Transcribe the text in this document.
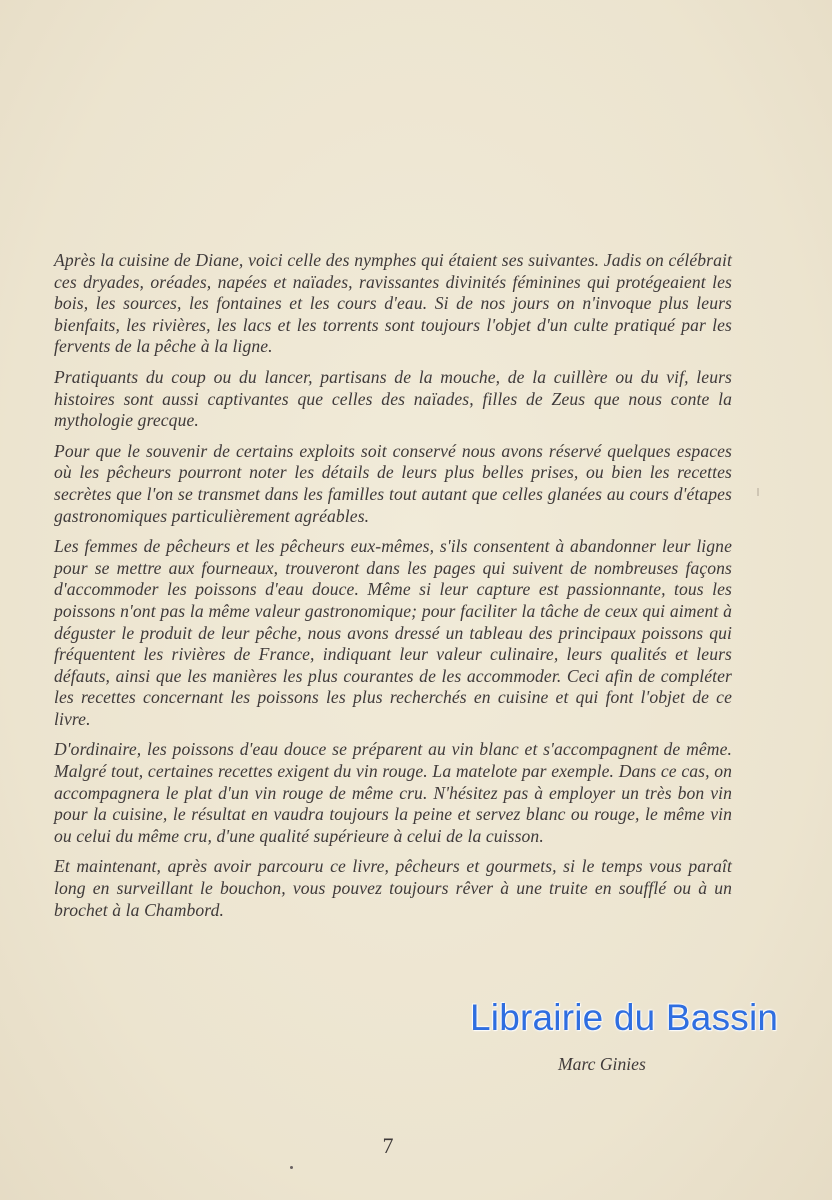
Après la cuisine de Diane, voici celle des nymphes qui étaient ses suivantes. Jadis on célébrait ces dryades, oréades, napées et naïades, ravissantes divinités féminines qui protégeaient les bois, les sources, les fontaines et les cours d'eau. Si de nos jours on n'invoque plus leurs bienfaits, les rivières, les lacs et les torrents sont toujours l'objet d'un culte pratiqué par les fervents de la pêche à la ligne.

Pratiquants du coup ou du lancer, partisans de la mouche, de la cuillère ou du vif, leurs histoires sont aussi captivantes que celles des naïades, filles de Zeus que nous conte la mythologie grecque.

Pour que le souvenir de certains exploits soit conservé nous avons réservé quelques espaces où les pêcheurs pourront noter les détails de leurs plus belles prises, ou bien les recettes secrètes que l'on se transmet dans les familles tout autant que celles glanées au cours d'étapes gastronomiques particulièrement agréables.

Les femmes de pêcheurs et les pêcheurs eux-mêmes, s'ils consentent à abandonner leur ligne pour se mettre aux fourneaux, trouveront dans les pages qui suivent de nombreuses façons d'accommoder les poissons d'eau douce. Même si leur capture est passionnante, tous les poissons n'ont pas la même valeur gastronomique; pour faciliter la tâche de ceux qui aiment à déguster le produit de leur pêche, nous avons dressé un tableau des principaux poissons qui fréquentent les rivières de France, indiquant leur valeur culinaire, leurs qualités et leurs défauts, ainsi que les manières les plus courantes de les accommoder. Ceci afin de compléter les recettes concernant les poissons les plus recherchés en cuisine et qui font l'objet de ce livre.

D'ordinaire, les poissons d'eau douce se préparent au vin blanc et s'accompagnent de même. Malgré tout, certaines recettes exigent du vin rouge. La matelote par exemple. Dans ce cas, on accompagnera le plat d'un vin rouge de même cru. N'hésitez pas à employer un très bon vin pour la cuisine, le résultat en vaudra toujours la peine et servez blanc ou rouge, le même vin ou celui du même cru, d'une qualité supérieure à celui de la cuisson.

Et maintenant, après avoir parcouru ce livre, pêcheurs et gourmets, si le temps vous paraît long en surveillant le bouchon, vous pouvez toujours rêver à une truite en soufflé ou à un brochet à la Chambord.

Marc Ginies
7
Librairie du Bassin
